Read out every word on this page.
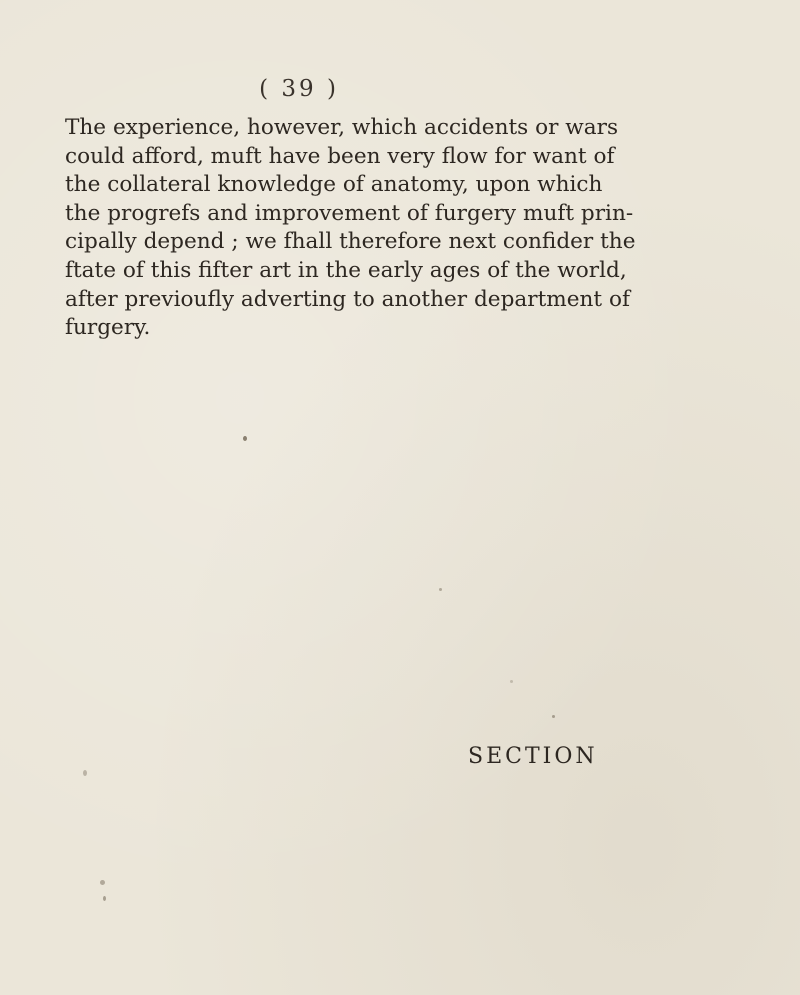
( 39 )
The experience, however, which accidents or wars
could afford, muft have been very flow for want of
the collateral knowledge of anatomy, upon which
the progrefs and improvement of furgery muft prin-
cipally depend ; we fhall therefore next confider the
ftate of this fifter art in the early ages of the world,
after previoufly adverting to another department of
furgery.
SECTION
